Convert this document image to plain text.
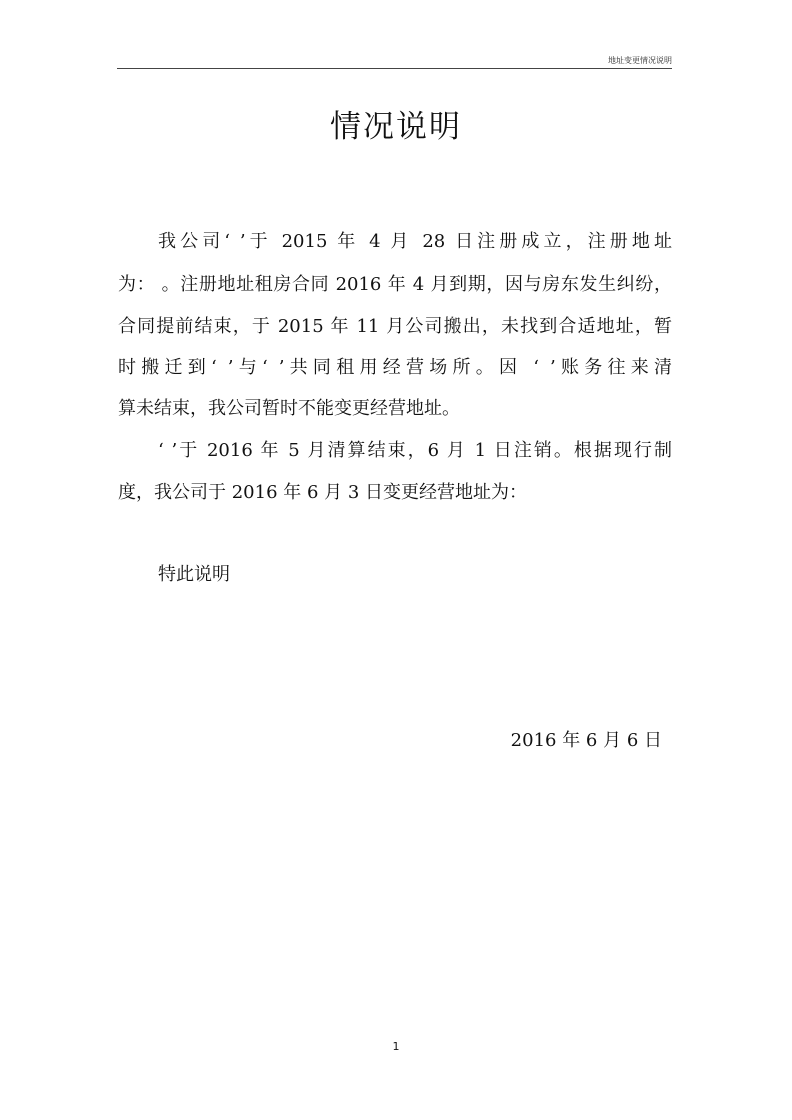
地址变更情况说明
情况说明
我公司‘ ’于 2015 年 4 月 28 日注册成立，注册地址
为： 。注册地址租房合同 2016 年 4 月到期，因与房东发生纠纷，
合同提前结束，于 2015 年 11 月公司搬出，未找到合适地址，暂
时搬迁到‘ ’与‘ ’共同租用经营场所。因 ‘ ’账务往来清
算未结束，我公司暂时不能变更经营地址。
‘ ’于 2016 年 5 月清算结束，6 月 1 日注销。根据现行制
度，我公司于 2016 年 6 月 3 日变更经营地址为：
特此说明
2016 年 6 月 6 日
1
